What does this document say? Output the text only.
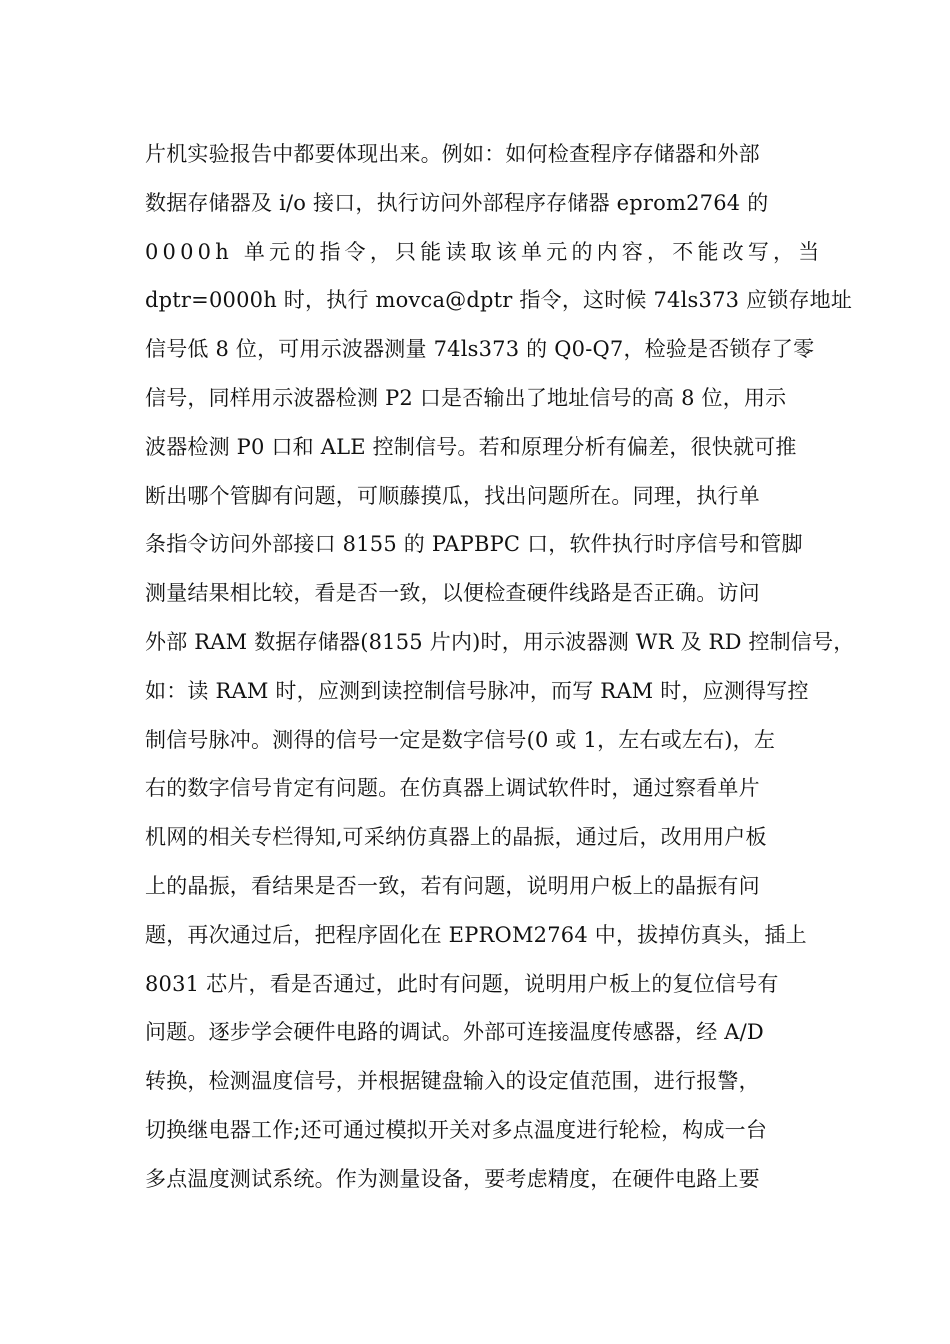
片机实验报告中都要体现出来。例如：如何检查程序存储器和外部
数据存储器及 i/o 接口，执行访问外部程序存储器 eprom2764 的
0000h 单元的指令，只能读取该单元的内容，不能改写，当
dptr=0000h 时，执行 movca@dptr 指令，这时候 74ls373 应锁存地址
信号低 8 位，可用示波器测量 74ls373 的 Q0-Q7，检验是否锁存了零
信号，同样用示波器检测 P2 口是否输出了地址信号的高 8 位，用示
波器检测 P0 口和 ALE 控制信号。若和原理分析有偏差，很快就可推
断出哪个管脚有问题，可顺藤摸瓜，找出问题所在。同理，执行单
条指令访问外部接口 8155 的 PAPBPC 口，软件执行时序信号和管脚
测量结果相比较，看是否一致，以便检查硬件线路是否正确。访问
外部 RAM 数据存储器(8155 片内)时，用示波器测 WR 及 RD 控制信号，
如：读 RAM 时，应测到读控制信号脉冲，而写 RAM 时，应测得写控
制信号脉冲。测得的信号一定是数字信号(0 或 1，左右或左右)，左
右的数字信号肯定有问题。在仿真器上调试软件时，通过察看单片
机网的相关专栏得知,可采纳仿真器上的晶振，通过后，改用用户板
上的晶振，看结果是否一致，若有问题，说明用户板上的晶振有问
题，再次通过后，把程序固化在 EPROM2764 中，拔掉仿真头，插上
8031 芯片，看是否通过，此时有问题，说明用户板上的复位信号有
问题。逐步学会硬件电路的调试。外部可连接温度传感器，经 A/D
转换，检测温度信号，并根据键盘输入的设定值范围，进行报警，
切换继电器工作;还可通过模拟开关对多点温度进行轮检，构成一台
多点温度测试系统。作为测量设备，要考虑精度，在硬件电路上要
